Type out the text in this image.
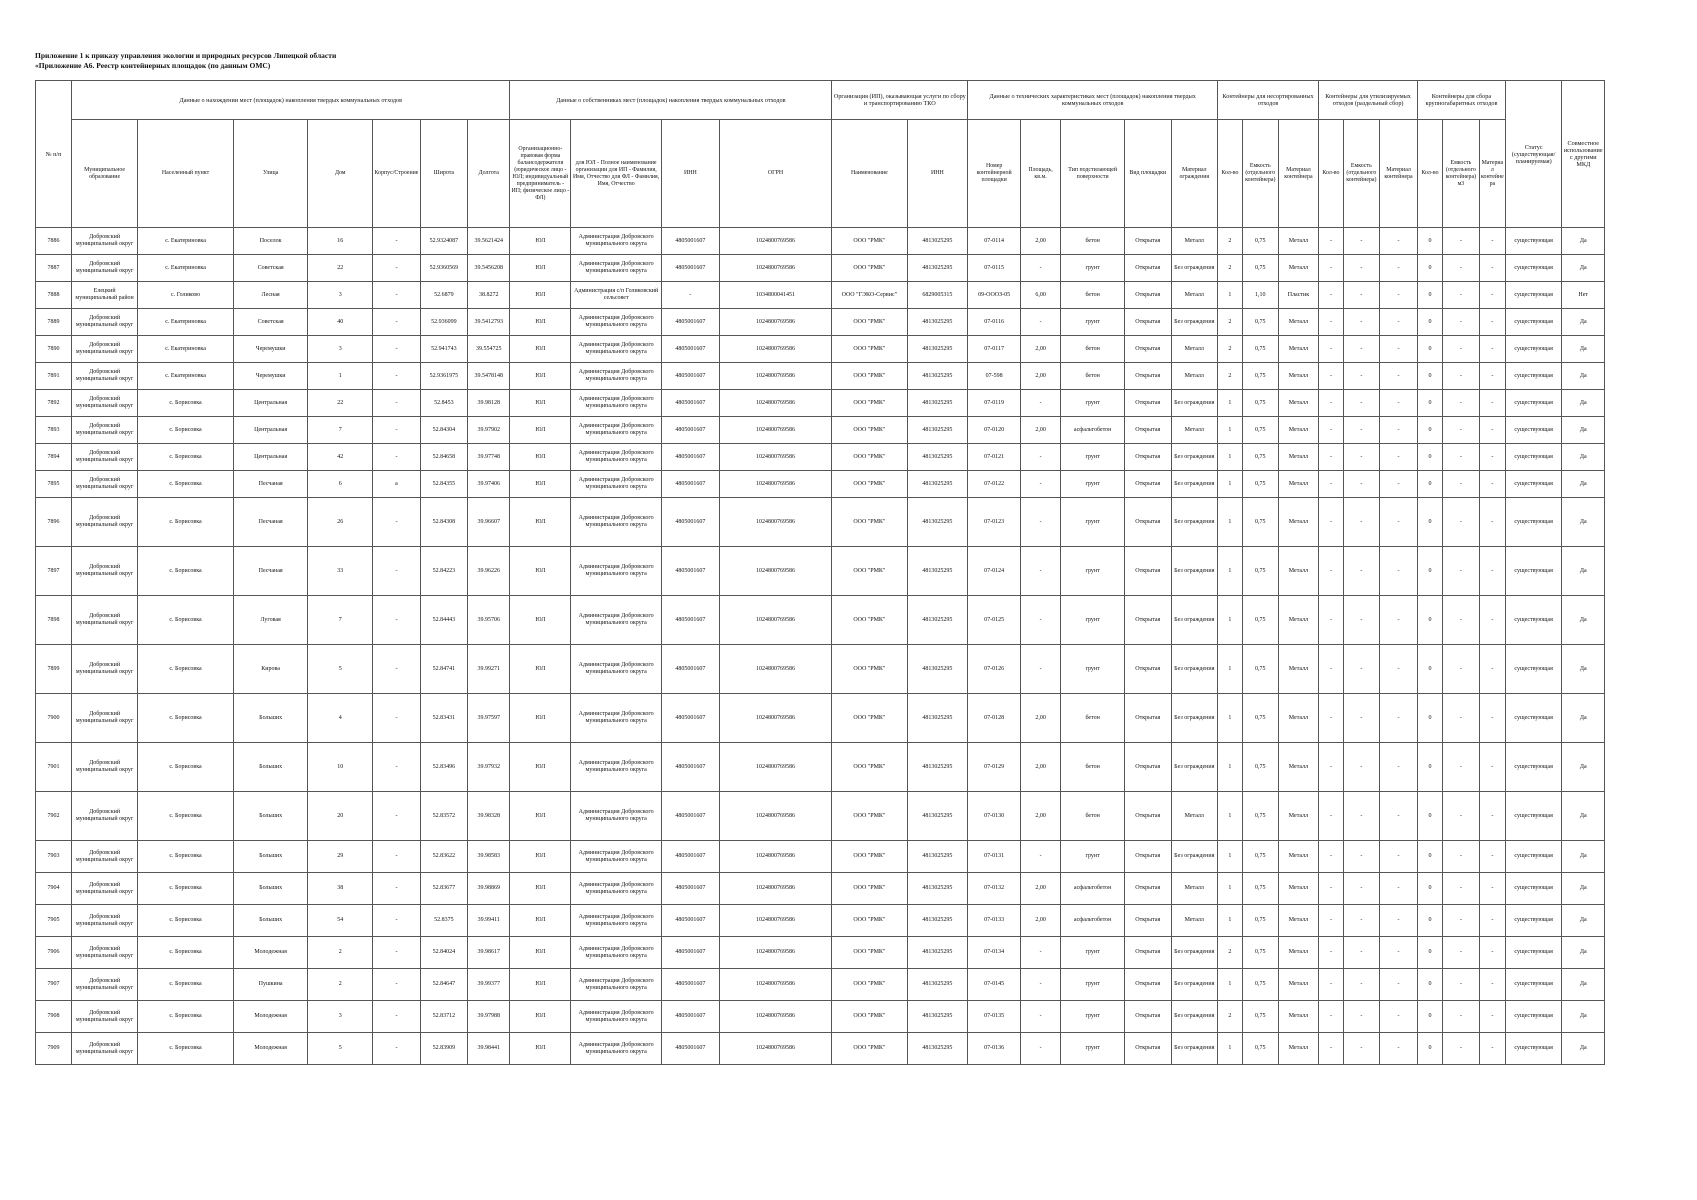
Приложение 1 к приказу управления экологии и природных ресурсов Липецкой области
«Приложение А6. Реестр контейнерных площадок (по данным ОМС)
№ п/п	Данные о нахождении мест (площадок) накопления твердых коммунальных отходов							Данные о собственниках мест (площадок) накопления твердых коммунальных отходов				Организация (ИП), оказывающая услуги по сбору и транспортированию ТКО		Данные о технических характеристиках мест (площадок) накопления твердых коммунальных отходов					Контейнеры для несортированных отходов			Контейнеры для утилизируемых отходов (раздельный сбор)			Контейнеры для сбора крупногабаритных отходов			Статус (существующая/ планируемая)	Совместное использование с другими МКД
	Муниципальное образование	Населенный пункт	Улица	Дом	Корпус/Строение	Широта	Долгота	Организационно-правовая форма балансодержателя (юридическое лицо - ЮЛ; индивидуальный предприниматель - ИП; физическое лицо - ФЛ)	для ЮЛ - Полное наименование организации для ИП - Фамилия, Имя, Отчество для ФЛ - Фамилия, Имя, Отчество	ИНН	ОГРН	Наименование	ИНН	Номер контейнерной площадки	Площадь, кв.м.	Тип подстилающей поверхности	Вид площадки	Материал ограждения	Кол-во	Емкость (отдельного контейнера)	Материал контейнера	Кол-во	Емкость (отдельного контейнера)	Материал контейнера	Кол-во	Емкость (отдельного контейнера) м3	Материал контейнера		
7886	Добровский муниципальный округ	с. Екатериновка	Поселок	16	-	52.9324087	39.5621424	ЮЛ	Администрация Добровского муниципального округа	4805001607	1024800769586	ООО "РМК"	4813025295	07-0114	2,00	бетон	Открытая	Металл	2	0,75	Металл	-	-	-	0	-	-	существующая	Да
7887	Добровский муниципальный округ	с. Екатериновка	Советская	22	-	52.9360569	39.5456208	ЮЛ	Администрация Добровского муниципального округа	4805001607	1024800769586	ООО "РМК"	4813025295	07-0115	-	грунт	Открытая	Без ограждения	2	0,75	Металл	-	-	-	0	-	-	существующая	Да
7888	Елецкий муниципальный район	с. Голиково	Лесная	3	-	52.6879	38.8272	ЮЛ	Администрация с/п Голиковский сельсовет	-	1034800041451	ООО "ГЭКО-Сервис"	6829005315	09-ОООЗ-05	6,00	бетон	Открытая	Металл	1	1,10	Пластик	-	-	-	0	-	-	существующая	Нет
7889	Добровский муниципальный округ	с. Екатериновка	Советская	40	-	52.936099	39.5412793	ЮЛ	Администрация Добровского муниципального округа	4805001607	1024800769586	ООО "РМК"	4813025295	07-0116	-	грунт	Открытая	Без ограждения	2	0,75	Металл	-	-	-	0	-	-	существующая	Да
7890	Добровский муниципальный округ	с. Екатериновка	Черемушки	3	-	52.941743	39.554725	ЮЛ	Администрация Добровского муниципального округа	4805001607	1024800769586	ООО "РМК"	4813025295	07-0117	2,00	бетон	Открытая	Металл	2	0,75	Металл	-	-	-	0	-	-	существующая	Да
7891	Добровский муниципальный округ	с. Екатериновка	Черемушки	1	-	52.9361975	39.5478148	ЮЛ	Администрация Добровского муниципального округа	4805001607	1024800769586	ООО "РМК"	4813025295	07-598	2,00	бетон	Открытая	Металл	2	0,75	Металл	-	-	-	0	-	-	существующая	Да
7892	Добровский муниципальный округ	с. Борисовка	Центральная	22	-	52.8453	39.98128	ЮЛ	Администрация Добровского муниципального округа	4805001607	1024800769586	ООО "РМК"	4813025295	07-0119	-	грунт	Открытая	Без ограждения	1	0,75	Металл	-	-	-	0	-	-	существующая	Да
7893	Добровский муниципальный округ	с. Борисовка	Центральная	7	-	52.84304	39.97902	ЮЛ	Администрация Добровского муниципального округа	4805001607	1024800769586	ООО "РМК"	4813025295	07-0120	2,00	асфальтобетон	Открытая	Металл	1	0,75	Металл	-	-	-	0	-	-	существующая	Да
7894	Добровский муниципальный округ	с. Борисовка	Центральная	42	-	52.84658	39.97748	ЮЛ	Администрация Добровского муниципального округа	4805001607	1024800769586	ООО "РМК"	4813025295	07-0121	-	грунт	Открытая	Без ограждения	1	0,75	Металл	-	-	-	0	-	-	существующая	Да
7895	Добровский муниципальный округ	с. Борисовка	Песчаная	6	а	52.84355	39.97406	ЮЛ	Администрация Добровского муниципального округа	4805001607	1024800769586	ООО "РМК"	4813025295	07-0122	-	грунт	Открытая	Без ограждения	1	0,75	Металл	-	-	-	0	-	-	существующая	Да
7896	Добровский муниципальный округ	с. Борисовка	Песчаная	26	-	52.84308	39.96607	ЮЛ	Администрация Добровского муниципального округа	4805001607	1024800769586	ООО "РМК"	4813025295	07-0123	-	грунт	Открытая	Без ограждения	1	0,75	Металл	-	-	-	0	-	-	существующая	Да
7897	Добровский муниципальный округ	с. Борисовка	Песчаная	33	-	52.84223	39.96226	ЮЛ	Администрация Добровского муниципального округа	4805001607	1024800769586	ООО "РМК"	4813025295	07-0124	-	грунт	Открытая	Без ограждения	1	0,75	Металл	-	-	-	0	-	-	существующая	Да
7898	Добровский муниципальный округ	с. Борисовка	Луговая	7	-	52.84443	39.95706	ЮЛ	Администрация Добровского муниципального округа	4805001607	1024800769586	ООО "РМК"	4813025295	07-0125	-	грунт	Открытая	Без ограждения	1	0,75	Металл	-	-	-	0	-	-	существующая	Да
7899	Добровский муниципальный округ	с. Борисовка	Кирова	5	-	52.84741	39.99271	ЮЛ	Администрация Добровского муниципального округа	4805001607	1024800769586	ООО "РМК"	4813025295	07-0126	-	грунт	Открытая	Без ограждения	1	0,75	Металл	-	-	-	0	-	-	существующая	Да
7900	Добровский муниципальный округ	с. Борисовка	Больших	4	-	52.83431	39.97597	ЮЛ	Администрация Добровского муниципального округа	4805001607	1024800769586	ООО "РМК"	4813025295	07-0128	2,00	бетон	Открытая	Без ограждения	1	0,75	Металл	-	-	-	0	-	-	существующая	Да
7901	Добровский муниципальный округ	с. Борисовка	Больших	10	-	52.83496	39.97932	ЮЛ	Администрация Добровского муниципального округа	4805001607	1024800769586	ООО "РМК"	4813025295	07-0129	2,00	бетон	Открытая	Без ограждения	1	0,75	Металл	-	-	-	0	-	-	существующая	Да
7902	Добровский муниципальный округ	с. Борисовка	Больших	20	-	52.83572	39.98328	ЮЛ	Администрация Добровского муниципального округа	4805001607	1024800769586	ООО "РМК"	4813025295	07-0130	2,00	бетон	Открытая	Металл	1	0,75	Металл	-	-	-	0	-	-	существующая	Да
7903	Добровский муниципальный округ	с. Борисовка	Больших	29	-	52.83622	39.98583	ЮЛ	Администрация Добровского муниципального округа	4805001607	1024800769586	ООО "РМК"	4813025295	07-0131	-	грунт	Открытая	Без ограждения	1	0,75	Металл	-	-	-	0	-	-	существующая	Да
7904	Добровский муниципальный округ	с. Борисовка	Больших	38	-	52.83677	39.98869	ЮЛ	Администрация Добровского муниципального округа	4805001607	1024800769586	ООО "РМК"	4813025295	07-0132	2,00	асфальтобетон	Открытая	Металл	1	0,75	Металл	-	-	-	0	-	-	существующая	Да
7905	Добровский муниципальный округ	с. Борисовка	Больших	54	-	52.8375	39.99411	ЮЛ	Администрация Добровского муниципального округа	4805001607	1024800769586	ООО "РМК"	4813025295	07-0133	2,00	асфальтобетон	Открытая	Металл	1	0,75	Металл	-	-	-	0	-	-	существующая	Да
7906	Добровский муниципальный округ	с. Борисовка	Молодежная	2	-	52.84024	39.98617	ЮЛ	Администрация Добровского муниципального округа	4805001607	1024800769586	ООО "РМК"	4813025295	07-0134	-	грунт	Открытая	Без ограждения	2	0,75	Металл	-	-	-	0	-	-	существующая	Да
7907	Добровский муниципальный округ	с. Борисовка	Пушкина	2	-	52.84647	39.99377	ЮЛ	Администрация Добровского муниципального округа	4805001607	1024800769586	ООО "РМК"	4813025295	07-0145	-	грунт	Открытая	Без ограждения	1	0,75	Металл	-	-	-	0	-	-	существующая	Да
7908	Добровский муниципальный округ	с. Борисовка	Молодежная	3	-	52.83712	39.97988	ЮЛ	Администрация Добровского муниципального округа	4805001607	1024800769586	ООО "РМК"	4813025295	07-0135	-	грунт	Открытая	Без ограждения	2	0,75	Металл	-	-	-	0	-	-	существующая	Да
7909	Добровский муниципальный округ	с. Борисовка	Молодежная	5	-	52.83909	39.98441	ЮЛ	Администрация Добровского муниципального округа	4805001607	1024800769586	ООО "РМК"	4813025295	07-0136	-	грунт	Открытая	Без ограждения	1	0,75	Металл	-	-	-	0	-	-	существующая	Да
